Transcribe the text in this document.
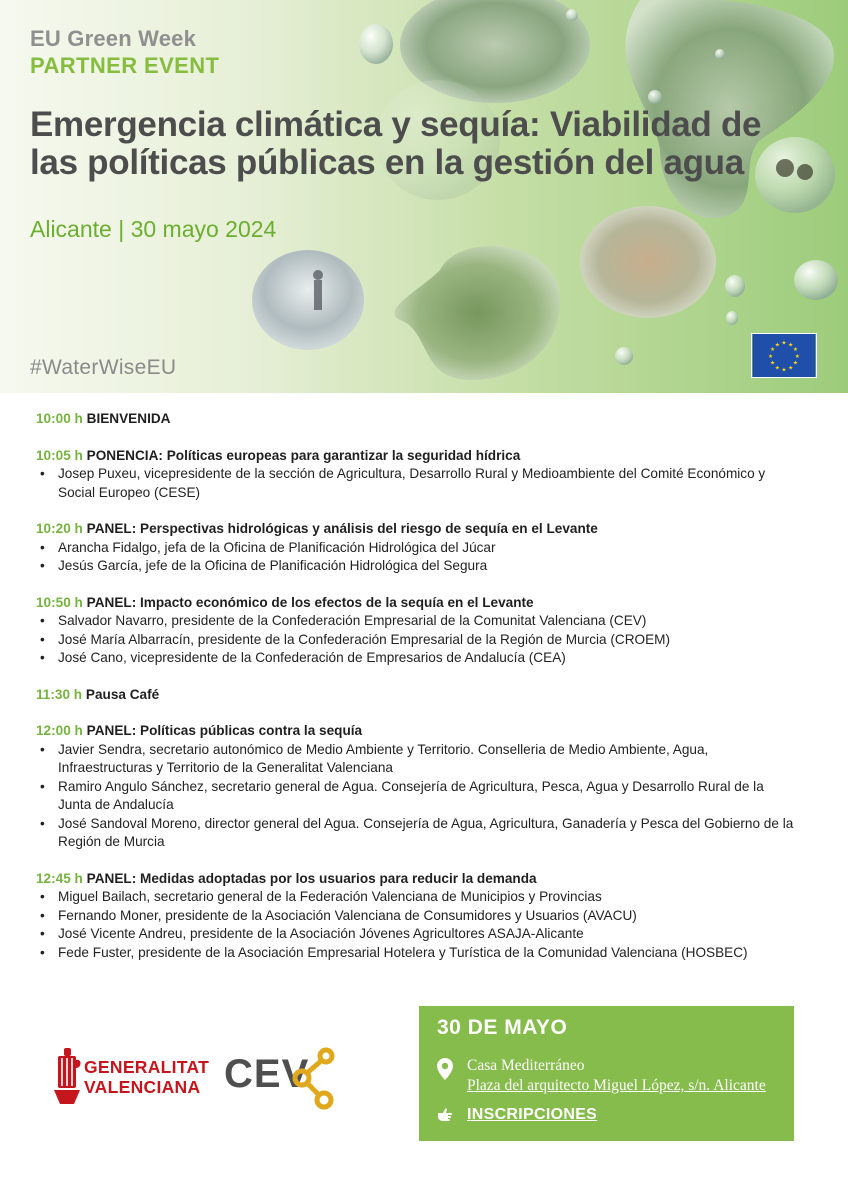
EU Green Week
PARTNER EVENT
Emergencia climática y sequía: Viabilidad de las políticas públicas en la gestión del agua
Alicante | 30 mayo 2024
#WaterWiseEU
★ ★
★
★
★
★
★
★
★
★
★
★
10:00 h BIENVENIDA
10:05 h PONENCIA: Políticas europeas para garantizar la seguridad hídrica
• Josep Puxeu, vicepresidente de la sección de Agricultura, Desarrollo Rural y Medioambiente del Comité Económico y Social Europeo (CESE)
10:20 h PANEL: Perspectivas hidrológicas y análisis del riesgo de sequía en el Levante
• Arancha Fidalgo, jefa de la Oficina de Planificación Hidrológica del Júcar
• Jesús García, jefe de la Oficina de Planificación Hidrológica del Segura
10:50 h PANEL: Impacto económico de los efectos de la sequía en el Levante
• Salvador Navarro, presidente de la Confederación Empresarial de la Comunitat Valenciana (CEV)
• José María Albarracín, presidente de la Confederación Empresarial de la Región de Murcia (CROEM)
• José Cano, vicepresidente de la Confederación de Empresarios de Andalucía (CEA)
11:30 h Pausa Café
12:00 h PANEL: Políticas públicas contra la sequía
• Javier Sendra, secretario autonómico de Medio Ambiente y Territorio. Conselleria de Medio Ambiente, Agua, Infraestructuras y Territorio de la Generalitat Valenciana
• Ramiro Angulo Sánchez, secretario general de Agua. Consejería de Agricultura, Pesca, Agua y Desarrollo Rural de la Junta de Andalucía
• José Sandoval Moreno, director general del Agua. Consejería de Agua, Agricultura, Ganadería y Pesca del Gobierno de la Región de Murcia
12:45 h PANEL: Medidas adoptadas por los usuarios para reducir la demanda
• Miguel Bailach, secretario general de la Federación Valenciana de Municipios y Provincias
• Fernando Moner, presidente de la Asociación Valenciana de Consumidores y Usuarios (AVACU)
• José Vicente Andreu, presidente de la Asociación Jóvenes Agricultores ASAJA-Alicante
• Fede Fuster, presidente de la Asociación Empresarial Hotelera y Turística de la Comunidad Valenciana (HOSBEC)
GENERALITAT
VALENCIANA CEV
30 DE MAYO
Casa Mediterráneo
Plaza del arquitecto Miguel López, s/n. Alicante
INSCRIPCIONES
